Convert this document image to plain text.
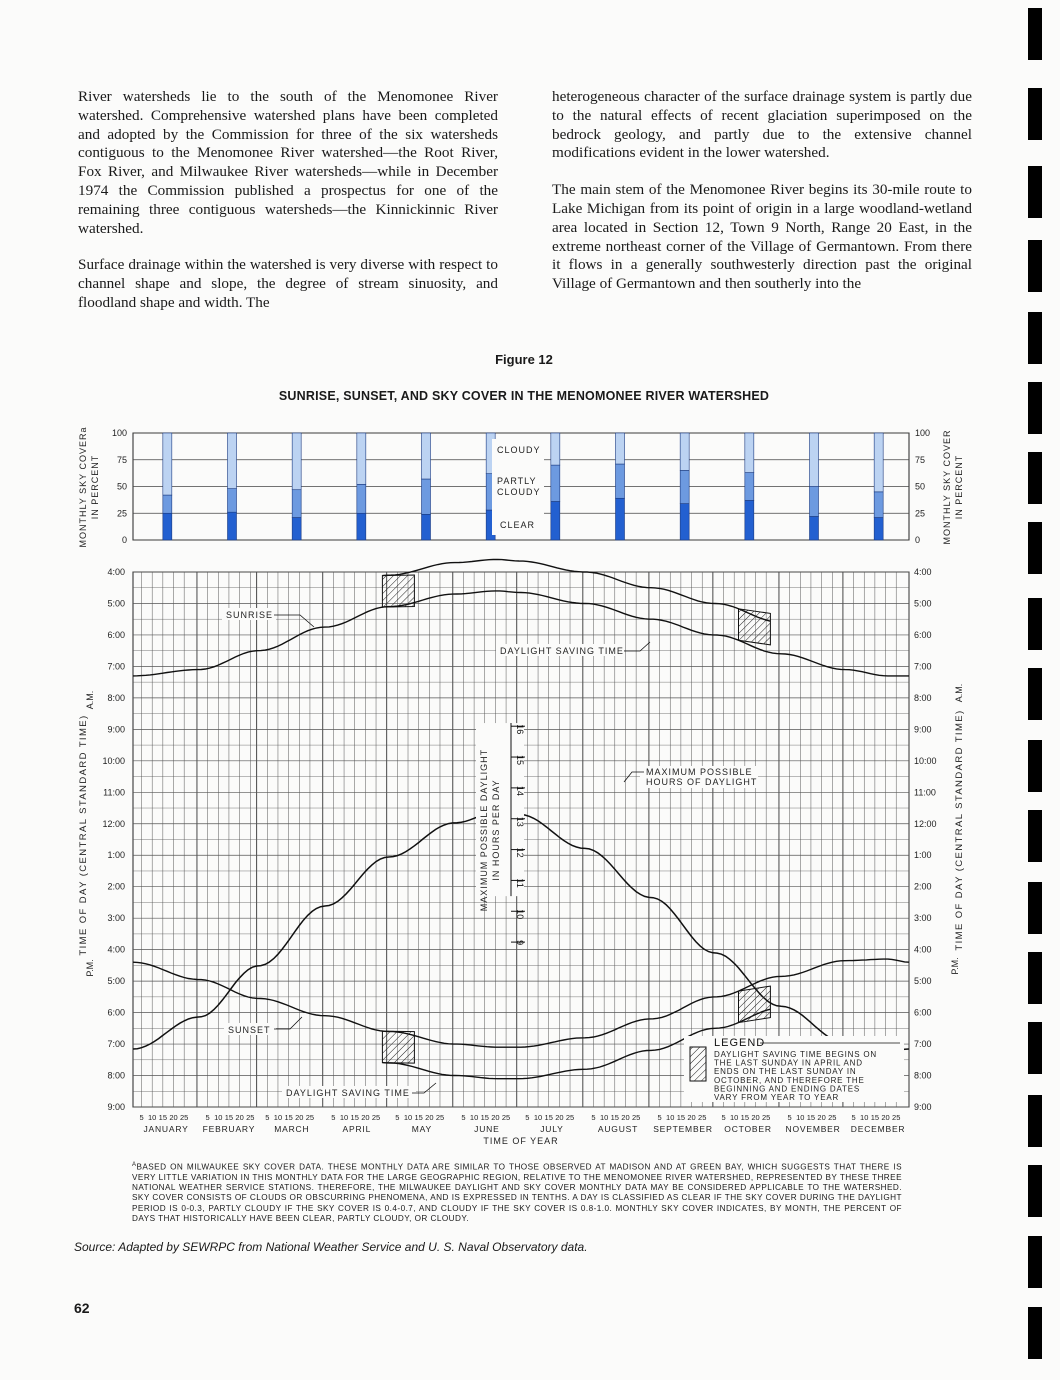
River watersheds lie to the south of the Menomonee River watershed. Comprehensive watershed plans have been completed and adopted by the Commission for three of the six watersheds contiguous to the Menomonee River watershed—the Root River, Fox River, and Milwaukee River watersheds—while in December 1974 the Commission published a prospectus for one of the remaining three contiguous watersheds—the Kinnickinnic River watershed.

Surface drainage within the watershed is very diverse with respect to channel shape and slope, the degree of stream sinuosity, and floodland shape and width. The

heterogeneous character of the surface drainage system is partly due to the natural effects of recent glaciation superimposed on the bedrock geology, and partly due to the extensive channel modifications evident in the lower watershed.

The main stem of the Menomonee River begins its 30-mile route to Lake Michigan from its point of origin in a large woodland-wetland area located in Section 12, Town 9 North, Range 20 East, in the extreme northeast corner of the Village of Germantown. From there it flows in a generally southwesterly direction past the original Village of Germantown and then southerly into the

Figure 12
SUNRISE, SUNSET, AND SKY COVER IN THE MENOMONEE RIVER WATERSHED
100	100
75	75
50	50
25	25
0	0
CLOUDY
PARTLY
CLOUDY
CLEAR
MONTHLY SKY COVERa IN PERCENT	MONTHLY SKY COVER IN PERCENT
4:00
5:00
6:00
7:00
8:00
9:00
10:00
11:00
12:00
1:00
2:00
3:00
4:00
5:00
6:00
7:00
8:00
9:00
4:00
5:00
6:00
7:00
8:00
9:00
10:00
11:00
12:00
1:00
2:00
3:00
4:00
5:00
6:00
7:00
8:00
9:00
5 10 15 20 25
JANUARY
5 10 15 20 25
FEBRUARY
5 10 15 20 25
MARCH
5 10 15 20 25
APRIL
5 10 15 20 25
MAY
5 10 15 20 25
JUNE
5 10 15 20 25
JULY
5 10 15 20 25
AUGUST
5 10 15 20 25
SEPTEMBER
5 10 15 20 25
OCTOBER
5 10 15 20 25
NOVEMBER
5 10 15 20 25
DECEMBER
TIME OF YEAR
TIME OF DAY (CENTRAL STANDARD TIME)	TIME OF DAY (CENTRAL STANDARD TIME)
A.M.
P.M.
A.M.
P.M.
16
15
14
13
12
11
10
9
MAXIMUM POSSIBLE DAYLIGHT IN HOURS PER DAY
SUNRISE
DAYLIGHT SAVING TIME
MAXIMUM POSSIBLE
HOURS OF DAYLIGHT
SUNSET
DAYLIGHT SAVING TIME
LEGEND
DAYLIGHT SAVING TIME BEGINS ON
THE LAST SUNDAY IN APRIL AND
ENDS ON THE LAST SUNDAY IN
OCTOBER, AND THEREFORE THE
BEGINNING AND ENDING DATES
VARY FROM YEAR TO YEAR
$^A$BASED ON MILWAUKEE SKY COVER DATA. THESE MONTHLY DATA ARE SIMILAR TO THOSE OBSERVED AT MADISON AND AT GREEN BAY, WHICH SUGGESTS THAT THERE IS VERY LITTLE VARIATION IN THIS MONTHLY DATA FOR THE LARGE GEOGRAPHIC REGION, RELATIVE TO THE MENOMONEE RIVER WATERSHED, REPRESENTED BY THESE THREE NATIONAL WEATHER SERVICE STATIONS. THEREFORE, THE MILWAUKEE DAYLIGHT AND SKY COVER MONTHLY DATA MAY BE CONSIDERED APPLICABLE TO THE WATERSHED. SKY COVER CONSISTS OF CLOUDS OR OBSCURRING PHENOMENA, AND IS EXPRESSED IN TENTHS. A DAY IS CLASSIFIED AS CLEAR IF THE SKY COVER DURING THE DAYLIGHT PERIOD IS 0-0.3, PARTLY CLOUDY IF THE SKY COVER IS 0.4-0.7, AND CLOUDY IF THE SKY COVER IS 0.8-1.0. MONTHLY SKY COVER INDICATES, BY MONTH, THE PERCENT OF DAYS THAT HISTORICALLY HAVE BEEN CLEAR, PARTLY CLOUDY, OR CLOUDY.
Source: Adapted by SEWRPC from National Weather Service and U. S. Naval Observatory data.
62
